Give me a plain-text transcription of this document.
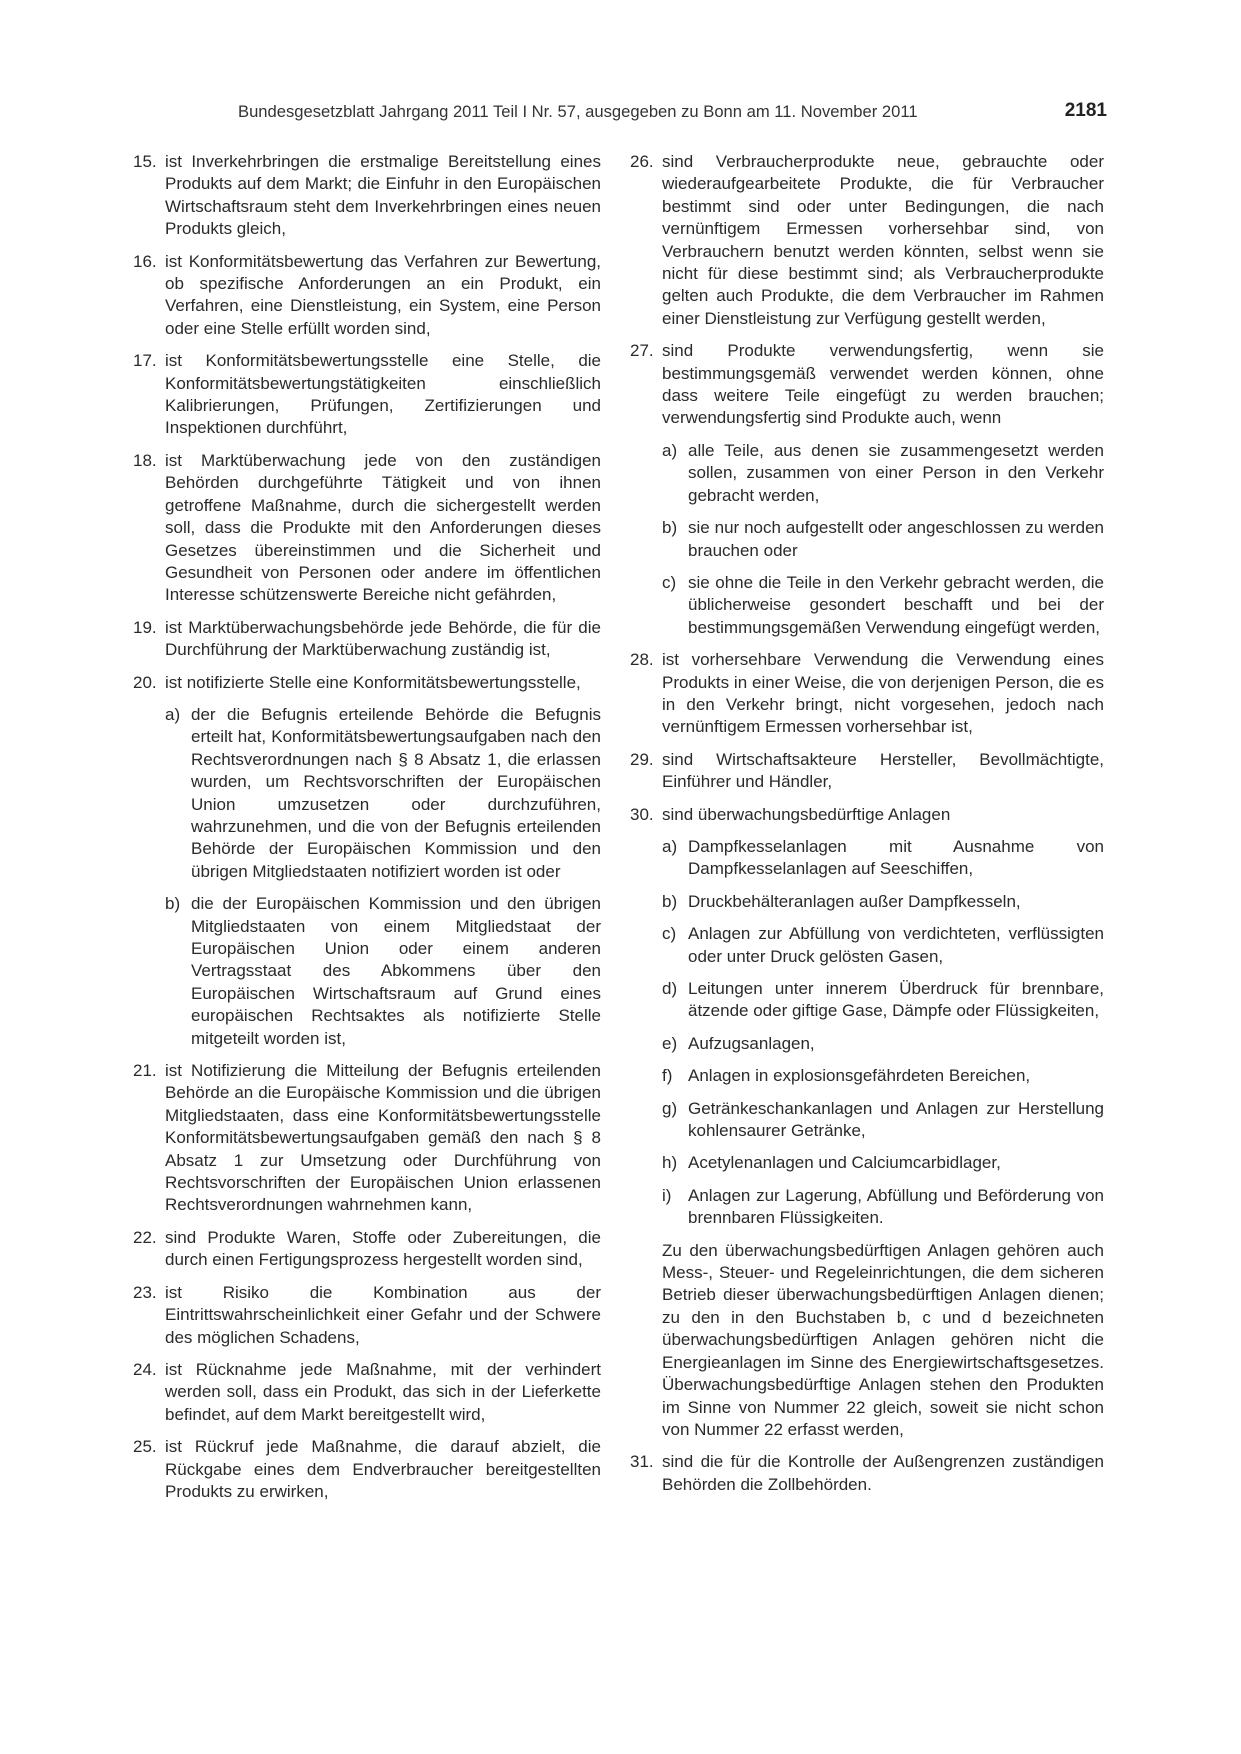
Bundesgesetzblatt Jahrgang 2011 Teil I Nr. 57, ausgegeben zu Bonn am 11. November 2011	2181
15. ist Inverkehrbringen die erstmalige Bereitstellung eines Produkts auf dem Markt; die Einfuhr in den Europäischen Wirtschaftsraum steht dem Inverkehrbringen eines neuen Produkts gleich,

16. ist Konformitätsbewertung das Verfahren zur Bewertung, ob spezifische Anforderungen an ein Produkt, ein Verfahren, eine Dienstleistung, ein System, eine Person oder eine Stelle erfüllt worden sind,

17. ist Konformitätsbewertungsstelle eine Stelle, die Konformitätsbewertungstätigkeiten einschließlich Kalibrierungen, Prüfungen, Zertifizierungen und Inspektionen durchführt,

18. ist Marktüberwachung jede von den zuständigen Behörden durchgeführte Tätigkeit und von ihnen getroffene Maßnahme, durch die sichergestellt werden soll, dass die Produkte mit den Anforderungen dieses Gesetzes übereinstimmen und die Sicherheit und Gesundheit von Personen oder andere im öffentlichen Interesse schützenswerte Bereiche nicht gefährden,

19. ist Marktüberwachungsbehörde jede Behörde, die für die Durchführung der Marktüberwachung zuständig ist,

20. ist notifizierte Stelle eine Konformitätsbewertungsstelle,

a) der die Befugnis erteilende Behörde die Befugnis erteilt hat, Konformitätsbewertungsaufgaben nach den Rechtsverordnungen nach § 8 Absatz 1, die erlassen wurden, um Rechtsvorschriften der Europäischen Union umzusetzen oder durchzuführen, wahrzunehmen, und die von der Befugnis erteilenden Behörde der Europäischen Kommission und den übrigen Mitgliedstaaten notifiziert worden ist oder

b) die der Europäischen Kommission und den übrigen Mitgliedstaaten von einem Mitgliedstaat der Europäischen Union oder einem anderen Vertragsstaat des Abkommens über den Europäischen Wirtschaftsraum auf Grund eines europäischen Rechtsaktes als notifizierte Stelle mitgeteilt worden ist,

21. ist Notifizierung die Mitteilung der Befugnis erteilenden Behörde an die Europäische Kommission und die übrigen Mitgliedstaaten, dass eine Konformitätsbewertungsstelle Konformitätsbewertungsaufgaben gemäß den nach § 8 Absatz 1 zur Umsetzung oder Durchführung von Rechtsvorschriften der Europäischen Union erlassenen Rechtsverordnungen wahrnehmen kann,

22. sind Produkte Waren, Stoffe oder Zubereitungen, die durch einen Fertigungsprozess hergestellt worden sind,

23. ist Risiko die Kombination aus der Eintrittswahrscheinlichkeit einer Gefahr und der Schwere des möglichen Schadens,

24. ist Rücknahme jede Maßnahme, mit der verhindert werden soll, dass ein Produkt, das sich in der Lieferkette befindet, auf dem Markt bereitgestellt wird,

25. ist Rückruf jede Maßnahme, die darauf abzielt, die Rückgabe eines dem Endverbraucher bereitgestellten Produkts zu erwirken,

26. sind Verbraucherprodukte neue, gebrauchte oder wiederaufgearbeitete Produkte, die für Verbraucher bestimmt sind oder unter Bedingungen, die nach vernünftigem Ermessen vorhersehbar sind, von Verbrauchern benutzt werden könnten, selbst wenn sie nicht für diese bestimmt sind; als Verbraucherprodukte gelten auch Produkte, die dem Verbraucher im Rahmen einer Dienstleistung zur Verfügung gestellt werden,

27. sind Produkte verwendungsfertig, wenn sie bestimmungsgemäß verwendet werden können, ohne dass weitere Teile eingefügt zu werden brauchen; verwendungsfertig sind Produkte auch, wenn

a) alle Teile, aus denen sie zusammengesetzt werden sollen, zusammen von einer Person in den Verkehr gebracht werden,

b) sie nur noch aufgestellt oder angeschlossen zu werden brauchen oder

c) sie ohne die Teile in den Verkehr gebracht werden, die üblicherweise gesondert beschafft und bei der bestimmungsgemäßen Verwendung eingefügt werden,

28. ist vorhersehbare Verwendung die Verwendung eines Produkts in einer Weise, die von derjenigen Person, die es in den Verkehr bringt, nicht vorgesehen, jedoch nach vernünftigem Ermessen vorhersehbar ist,

29. sind Wirtschaftsakteure Hersteller, Bevollmächtigte, Einführer und Händler,

30. sind überwachungsbedürftige Anlagen

a) Dampfkesselanlagen mit Ausnahme von Dampfkesselanlagen auf Seeschiffen,

b) Druckbehälteranlagen außer Dampfkesseln,

c) Anlagen zur Abfüllung von verdichteten, verflüssigten oder unter Druck gelösten Gasen,

d) Leitungen unter innerem Überdruck für brennbare, ätzende oder giftige Gase, Dämpfe oder Flüssigkeiten,

e) Aufzugsanlagen,

f) Anlagen in explosionsgefährdeten Bereichen,

g) Getränkeschankanlagen und Anlagen zur Herstellung kohlensaurer Getränke,

h) Acetylenanlagen und Calciumcarbidlager,

i) Anlagen zur Lagerung, Abfüllung und Beförderung von brennbaren Flüssigkeiten.

Zu den überwachungsbedürftigen Anlagen gehören auch Mess-, Steuer- und Regeleinrichtungen, die dem sicheren Betrieb dieser überwachungsbedürftigen Anlagen dienen; zu den in den Buchstaben b, c und d bezeichneten überwachungsbedürftigen Anlagen gehören nicht die Energieanlagen im Sinne des Energiewirtschaftsgesetzes. Überwachungsbedürftige Anlagen stehen den Produkten im Sinne von Nummer 22 gleich, soweit sie nicht schon von Nummer 22 erfasst werden,

31. sind die für die Kontrolle der Außengrenzen zuständigen Behörden die Zollbehörden.
